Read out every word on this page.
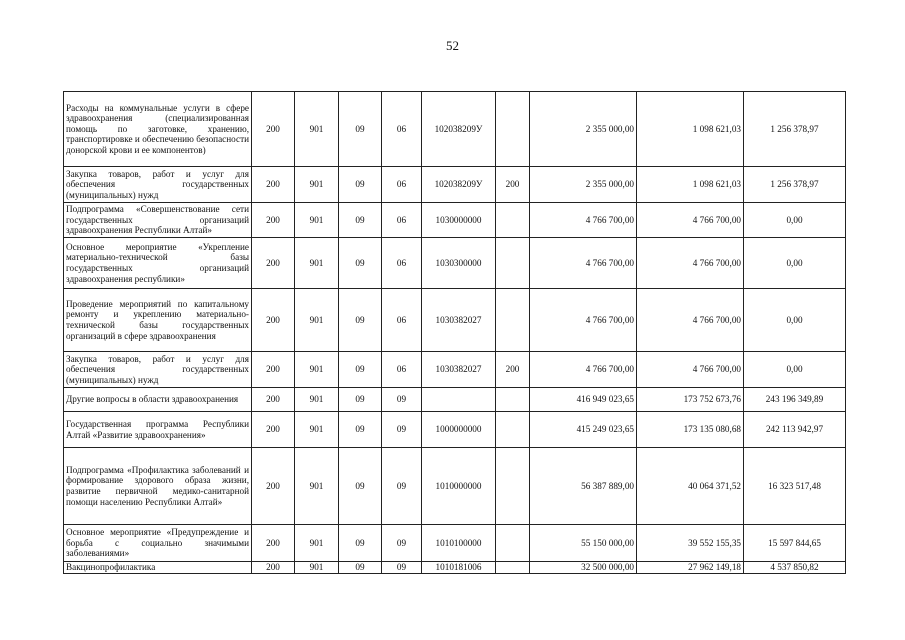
52
Расходы на коммунальные услуги в сфере здравоохранения (специализированная помощь по заготовке, хранению, транспортировке и обеспечению безопасности донорской крови и ее компонентов)	200	901	09	06	102038209У		2 355 000,00	1 098 621,03	1 256 378,97
Закупка товаров, работ и услуг для обеспечения государственных (муниципальных) нужд	200	901	09	06	102038209У	200	2 355 000,00	1 098 621,03	1 256 378,97
Подпрограмма «Совершенствование сети государственных организаций здравоохранения Республики Алтай»	200	901	09	06	1030000000		4 766 700,00	4 766 700,00	0,00
Основное мероприятие «Укрепление материально-технической базы государственных организаций здравоохранения республики»	200	901	09	06	1030300000		4 766 700,00	4 766 700,00	0,00
Проведение мероприятий по капитальному ремонту и укреплению материально-технической базы государственных организаций в сфере здравоохранения	200	901	09	06	1030382027		4 766 700,00	4 766 700,00	0,00
Закупка товаров, работ и услуг для обеспечения государственных (муниципальных) нужд	200	901	09	06	1030382027	200	4 766 700,00	4 766 700,00	0,00
Другие вопросы в области здравоохранения	200	901	09	09			416 949 023,65	173 752 673,76	243 196 349,89
Государственная программа Республики Алтай «Развитие здравоохранения»	200	901	09	09	1000000000		415 249 023,65	173 135 080,68	242 113 942,97
Подпрограмма «Профилактика заболеваний и формирование здорового образа жизни, развитие первичной медико-санитарной помощи населению Республики Алтай»	200	901	09	09	1010000000		56 387 889,00	40 064 371,52	16 323 517,48
Основное мероприятие «Предупреждение и борьба с социально значимыми заболеваниями»	200	901	09	09	1010100000		55 150 000,00	39 552 155,35	15 597 844,65
Вакцинопрофилактика	200	901	09	09	1010181006		32 500 000,00	27 962 149,18	4 537 850,82
